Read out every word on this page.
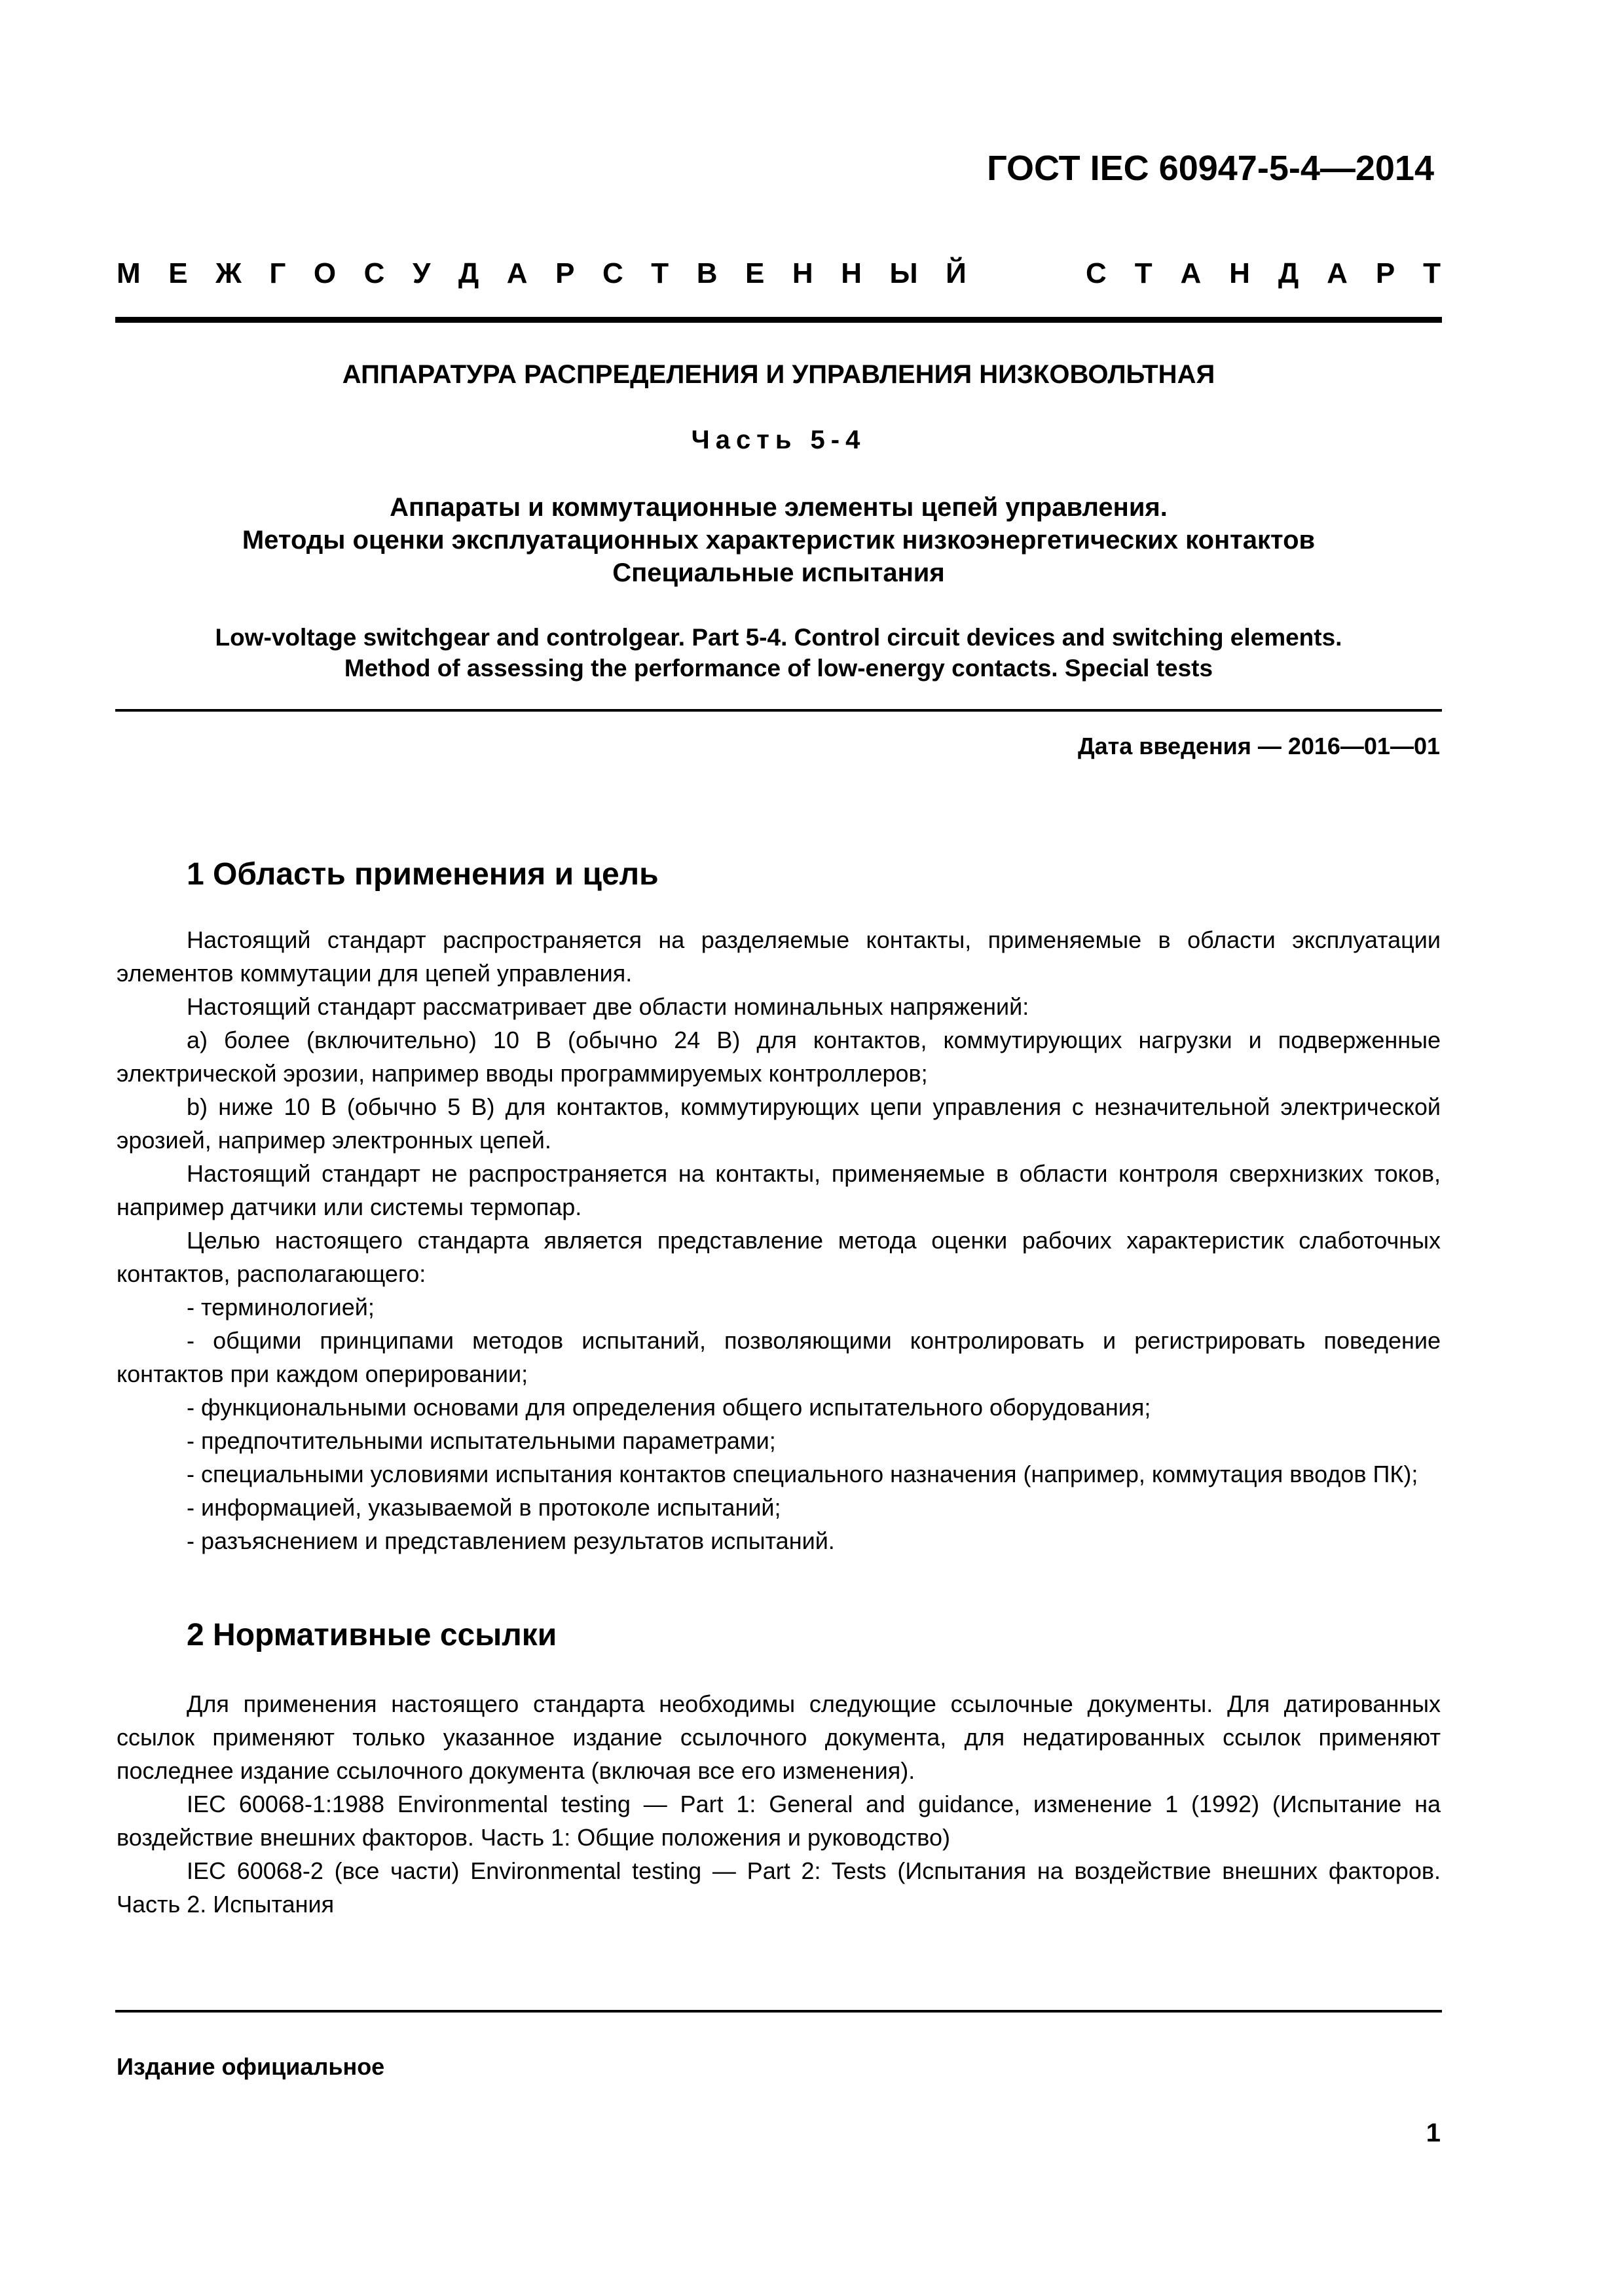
ГОСТ IEC 60947-5-4—2014
М Е Ж Г О С У Д А Р С Т В Е Н Н Ы Й	С Т А Н Д А Р Т
АППАРАТУРА РАСПРЕДЕЛЕНИЯ И УПРАВЛЕНИЯ НИЗКОВОЛЬТНАЯ
Часть 5-4
Аппараты и коммутационные элементы цепей управления.
Методы оценки эксплуатационных характеристик низкоэнергетических контактов
Специальные испытания
Low-voltage switchgear and controlgear. Part 5-4. Control circuit devices and switching elements.
Method of assessing the performance of low-energy contacts. Special tests
Дата введения — 2016—01—01
1 Область применения и цель

Настоящий стандарт распространяется на разделяемые контакты, применяемые в области эксплуатации элементов коммутации для цепей управления.

Настоящий стандарт рассматривает две области номинальных напряжений:

a) более (включительно) 10 В (обычно 24 В) для контактов, коммутирующих нагрузки и подверженные электрической эрозии, например вводы программируемых контроллеров;

b) ниже 10 В (обычно 5 В) для контактов, коммутирующих цепи управления с незначительной электрической эрозией, например электронных цепей.

Настоящий стандарт не распространяется на контакты, применяемые в области контроля сверхнизких токов, например датчики или системы термопар.

Целью настоящего стандарта является представление метода оценки рабочих характеристик слаботочных контактов, располагающего:

- терминологией;

- общими принципами методов испытаний, позволяющими контролировать и регистрировать поведение контактов при каждом оперировании;

- функциональными основами для определения общего испытательного оборудования;

- предпочтительными испытательными параметрами;

- специальными условиями испытания контактов специального назначения (например, коммутация вводов ПК);

- информацией, указываемой в протоколе испытаний;

- разъяснением и представлением результатов испытаний.

2 Нормативные ссылки

Для применения настоящего стандарта необходимы следующие ссылочные документы. Для датированных ссылок применяют только указанное издание ссылочного документа, для недатированных ссылок применяют последнее издание ссылочного документа (включая все его изменения).

IEC 60068-1:1988 Environmental testing — Part 1: General and guidance, изменение 1 (1992) (Испытание на воздействие внешних факторов. Часть 1: Общие положения и руководство)

IEC 60068-2 (все части) Environmental testing — Part 2: Tests (Испытания на воздействие внешних факторов. Часть 2. Испытания

Издание официальное
1
